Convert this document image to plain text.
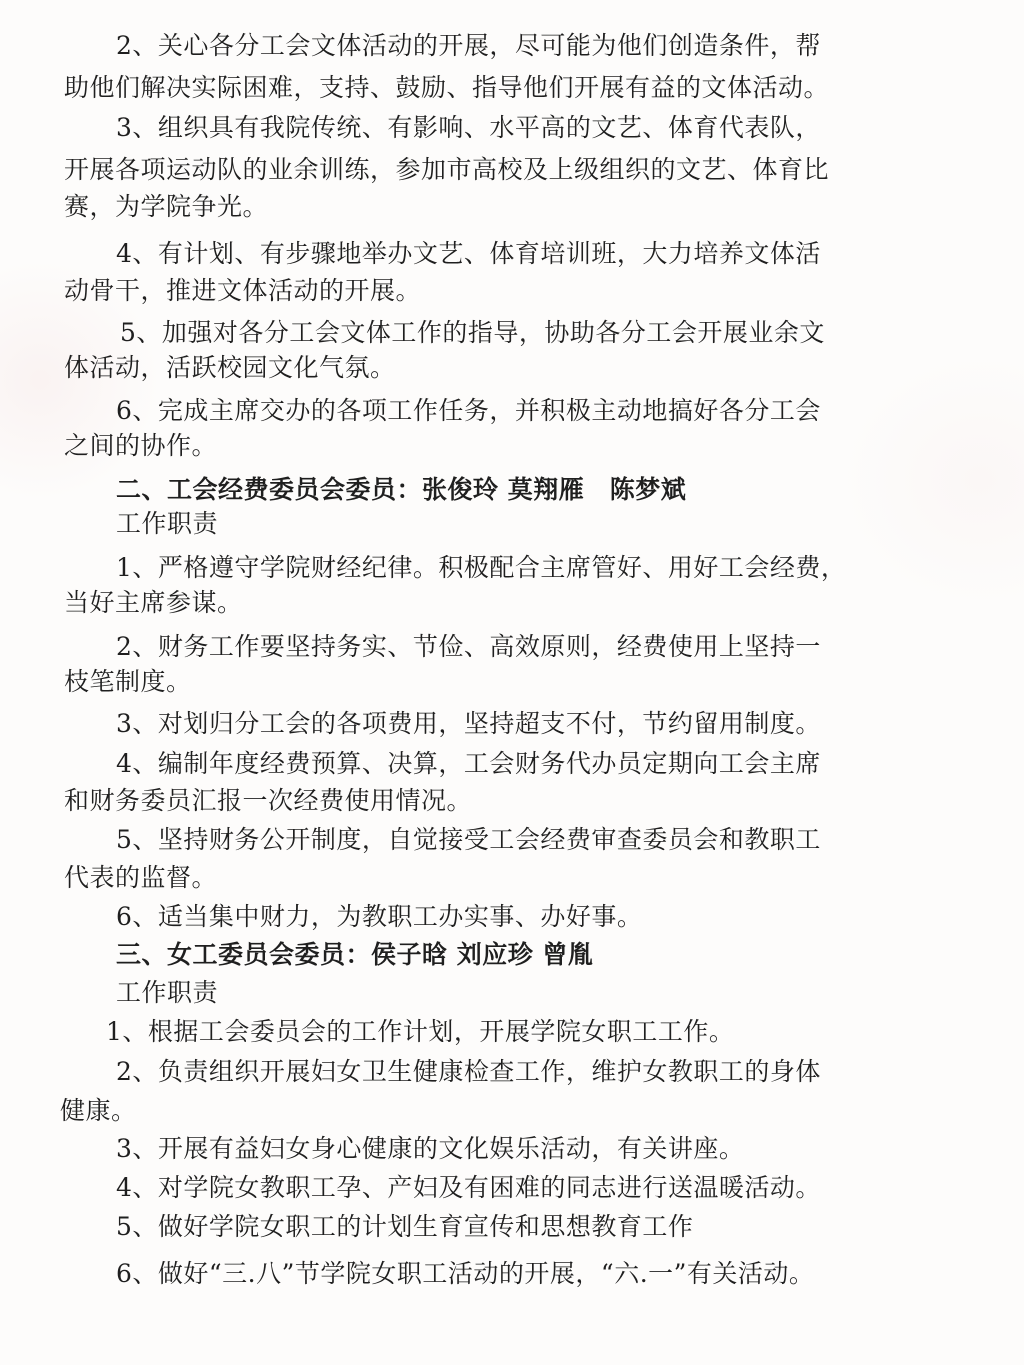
2、关心各分工会文体活动的开展，尽可能为他们创造条件，帮
助他们解决实际困难，支持、鼓励、指导他们开展有益的文体活动。
3、组织具有我院传统、有影响、水平高的文艺、体育代表队，
开展各项运动队的业余训练，参加市高校及上级组织的文艺、体育比
赛，为学院争光。
4、有计划、有步骤地举办文艺、体育培训班，大力培养文体活
动骨干，推进文体活动的开展。
5、加强对各分工会文体工作的指导，协助各分工会开展业余文
体活动，活跃校园文化气氛。
6、完成主席交办的各项工作任务，并积极主动地搞好各分工会
之间的协作。
二、工会经费委员会委员：张俊玲 莫翔雁　陈梦斌
工作职责
1、严格遵守学院财经纪律。积极配合主席管好、用好工会经费，
当好主席参谋。
2、财务工作要坚持务实、节俭、高效原则，经费使用上坚持一
枝笔制度。
3、对划归分工会的各项费用，坚持超支不付，节约留用制度。
4、编制年度经费预算、决算，工会财务代办员定期向工会主席
和财务委员汇报一次经费使用情况。
5、坚持财务公开制度，自觉接受工会经费审查委员会和教职工
代表的监督。
6、适当集中财力，为教职工办实事、办好事。
三、女工委员会委员：侯子晗 刘应珍 曾胤
工作职责
1、根据工会委员会的工作计划，开展学院女职工工作。
2、负责组织开展妇女卫生健康检查工作，维护女教职工的身体
健康。
3、开展有益妇女身心健康的文化娱乐活动，有关讲座。
4、对学院女教职工孕、产妇及有困难的同志进行送温暖活动。
5、做好学院女职工的计划生育宣传和思想教育工作
6、做好“三.八”节学院女职工活动的开展，“六.一”有关活动。
